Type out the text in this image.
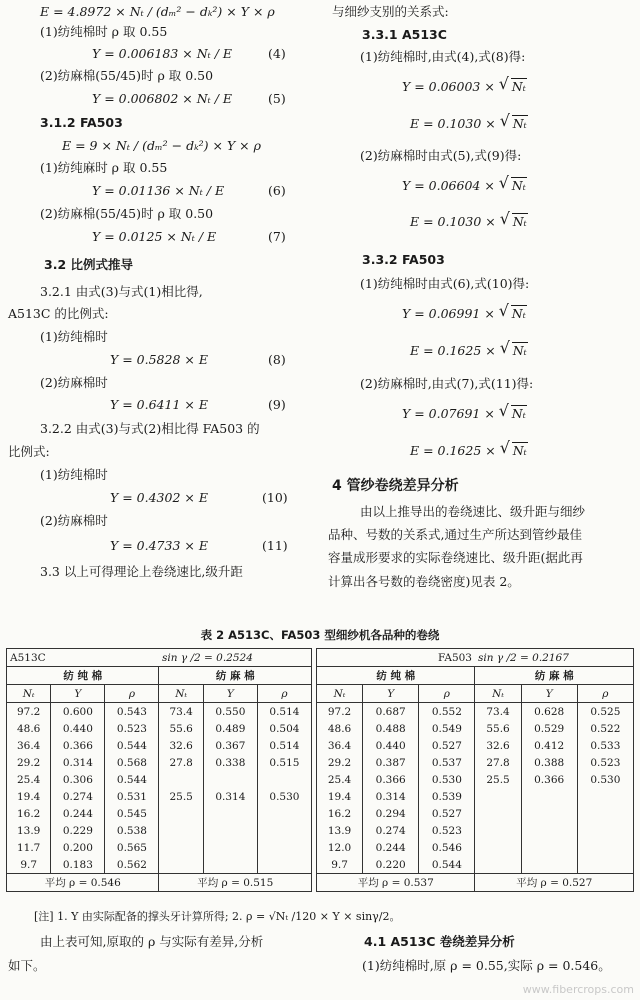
E = 4.8972 × Nₜ / (dₘ² − dₖ²) × Y × ρ
(1)纺纯棉时 ρ 取 0.55
Y = 0.006183 × Nₜ / E	(4)
(2)纺麻棉(55/45)时 ρ 取 0.50
Y = 0.006802 × Nₜ / E	(5)
3.1.2 FA503
E = 9 × Nₜ / (dₘ² − dₖ²) × Y × ρ
(1)纺纯麻时 ρ 取 0.55
Y = 0.01136 × Nₜ / E	(6)
(2)纺麻棉(55/45)时 ρ 取 0.50
Y = 0.0125 × Nₜ / E	(7)
3.2 比例式推导
3.2.1 由式(3)与式(1)相比得,
A513C 的比例式:
(1)纺纯棉时
Y = 0.5828 × E	(8)
(2)纺麻棉时
Y = 0.6411 × E	(9)
3.2.2 由式(3)与式(2)相比得 FA503 的
比例式:
(1)纺纯棉时
Y = 0.4302 × E	(10)
(2)纺麻棉时
Y = 0.4733 × E	(11)
3.3 以上可得理论上卷绕速比,级升距
与细纱支别的关系式:
3.3.1 A513C
(1)纺纯棉时,由式(4),式(8)得:
Y = 0.06003 × √ Nₜ
E = 0.1030 × √ Nₜ
(2)纺麻棉时由式(5),式(9)得:
Y = 0.06604 × √ Nₜ
E = 0.1030 × √ Nₜ
3.3.2 FA503
(1)纺纯棉时由式(6),式(10)得:
Y = 0.06991 × √ Nₜ
E = 0.1625 × √ Nₜ
(2)纺麻棉时,由式(7),式(11)得:
Y = 0.07691 × √ Nₜ
E = 0.1625 × √ Nₜ
4 管纱卷绕差异分析
由以上推导出的卷绕速比、级升距与细纱
品种、号数的关系式,通过生产所达到管纱最佳
容量成形要求的实际卷绕速比、级升距(据此再
计算出各号数的卷绕密度)见表 2。
表 2 A513C、FA503 型细纱机各品种的卷绕
A513C			sin γ /2 = 0.2524		
纺 纯 棉			纺 麻 棉		
Nₜ	Y	ρ	Nₜ	Y	ρ
97.2	0.600	0.543	73.4	0.550	0.514
48.6	0.440	0.523	55.6	0.489	0.504
36.4	0.366	0.544	32.6	0.367	0.514
29.2	0.314	0.568	27.8	0.338	0.515
25.4	0.306	0.544			
19.4	0.274	0.531	25.5	0.314	0.530
16.2	0.244	0.545			
13.9	0.229	0.538			
11.7	0.200	0.565			
9.7	0.183	0.562			
平均 ρ = 0.546			平均 ρ = 0.515		
FA503			sin γ /2 = 0.2167		
纺 纯 棉			纺 麻 棉		
Nₜ	Y	ρ	Nₜ	Y	ρ
97.2	0.687	0.552	73.4	0.628	0.525
48.6	0.488	0.549	55.6	0.529	0.522
36.4	0.440	0.527	32.6	0.412	0.533
29.2	0.387	0.537	27.8	0.388	0.523
25.4	0.366	0.530	25.5	0.366	0.530
19.4	0.314	0.539			
16.2	0.294	0.527			
13.9	0.274	0.523			
12.0	0.244	0.546			
9.7	0.220	0.544			
平均 ρ = 0.537			平均 ρ = 0.527		
[注] 1. Y 由实际配备的撑头牙计算所得; 2. ρ = √Nₜ /120 × Y × sinγ/2。
由上表可知,原取的 ρ 与实际有差异,分析
如下。
4.1 A513C 卷绕差异分析
(1)纺纯棉时,原 ρ = 0.55,实际 ρ = 0.546。
www.fibercrops.com
